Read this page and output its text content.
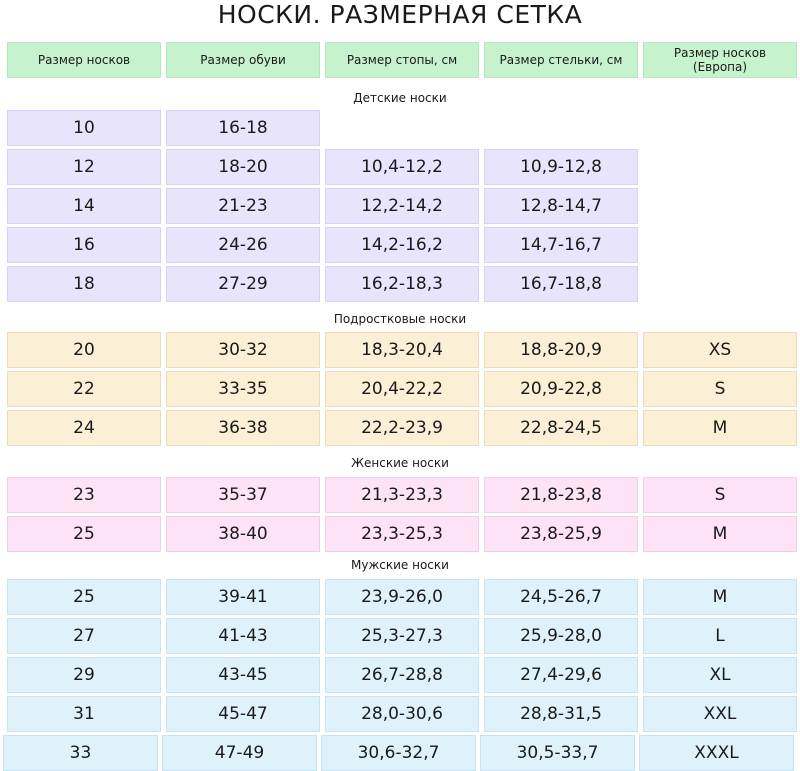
НОСКИ. РАЗМЕРНАЯ СЕТКА
Размер носков	Размер обуви	Размер стопы, см	Размер стельки, см	Размер носков
(Европа)
Детские носки
10	16-18
12	18-20	10,4-12,2	10,9-12,8
14	21-23	12,2-14,2	12,8-14,7
16	24-26	14,2-16,2	14,7-16,7
18	27-29	16,2-18,3	16,7-18,8
Подростковые носки
20	30-32	18,3-20,4	18,8-20,9	XS
22	33-35	20,4-22,2	20,9-22,8	S
24	36-38	22,2-23,9	22,8-24,5	M
Женские носки
23	35-37	21,3-23,3	21,8-23,8	S
25	38-40	23,3-25,3	23,8-25,9	M
Мужские носки
25	39-41	23,9-26,0	24,5-26,7	M
27	41-43	25,3-27,3	25,9-28,0	L
29	43-45	26,7-28,8	27,4-29,6	XL
31	45-47	28,0-30,6	28,8-31,5	XXL
33	47-49	30,6-32,7	30,5-33,7	XXXL
